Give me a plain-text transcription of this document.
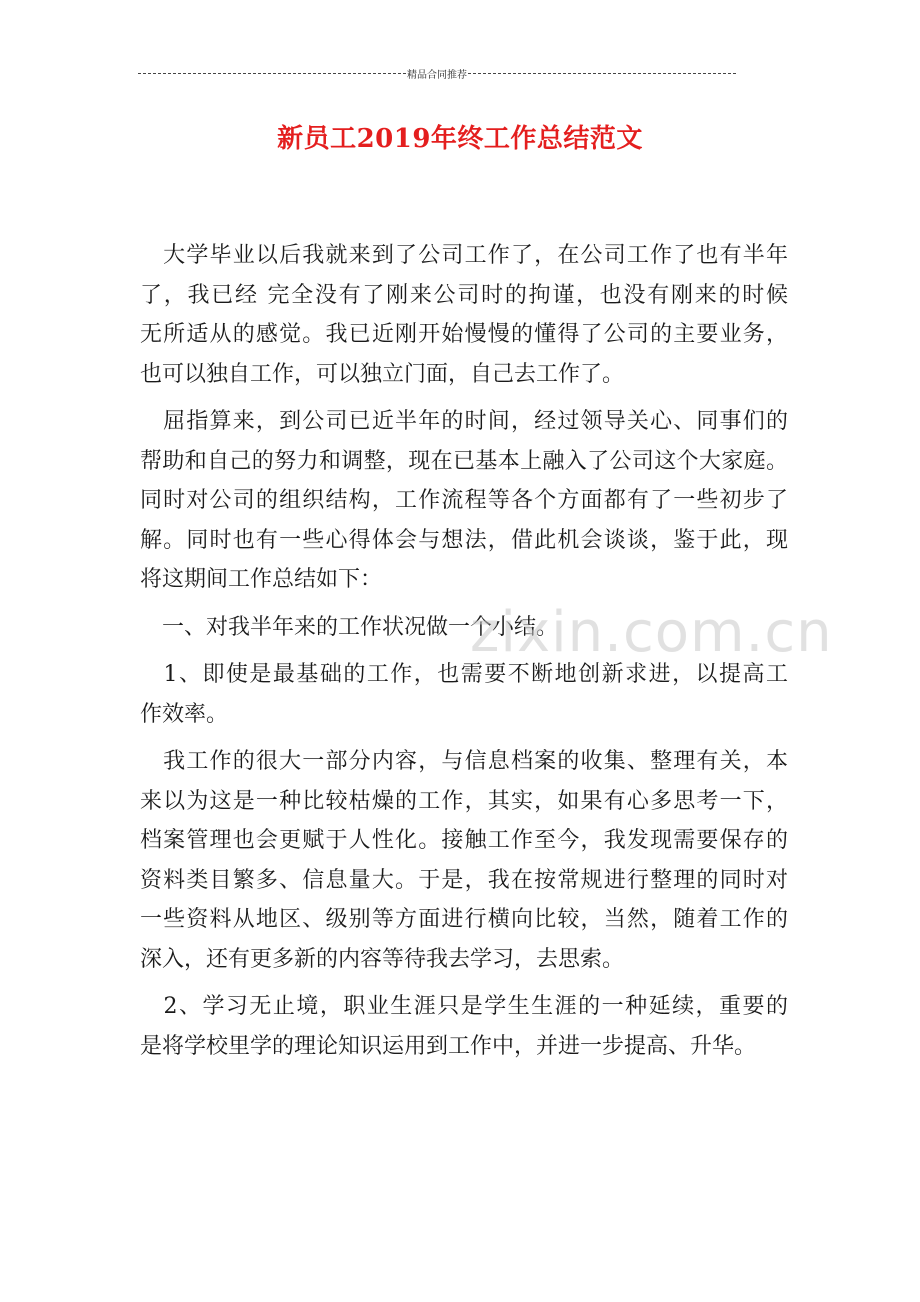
精品合同推荐
新员工2019年终工作总结范文

　大学毕业以后我就来到了公司工作了，在公司工作了也有半年
了，我已经 完全没有了刚来公司时的拘谨，也没有刚来的时候
无所适从的感觉。我已近刚开始慢慢的懂得了公司的主要业务，
也可以独自工作，可以独立门面，自己去工作了。

　屈指算来，到公司已近半年的时间，经过领导关心、同事们的
帮助和自己的努力和调整，现在已基本上融入了公司这个大家庭。
同时对公司的组织结构，工作流程等各个方面都有了一些初步了
解。同时也有一些心得体会与想法，借此机会谈谈，鉴于此，现
将这期间工作总结如下：

　一、对我半年来的工作状况做一个小结。

　1、即使是最基础的工作，也需要不断地创新求进，以提高工
作效率。

　我工作的很大一部分内容，与信息档案的收集、整理有关，本
来以为这是一种比较枯燥的工作，其实，如果有心多思考一下，
档案管理也会更赋于人性化。接触工作至今，我发现需要保存的
资料类目繁多、信息量大。于是，我在按常规进行整理的同时对
一些资料从地区、级别等方面进行横向比较，当然，随着工作的
深入，还有更多新的内容等待我去学习，去思索。

　2、学习无止境，职业生涯只是学生生涯的一种延续，重要的
是将学校里学的理论知识运用到工作中，并进一步提高、升华。

zixin.com.cn
